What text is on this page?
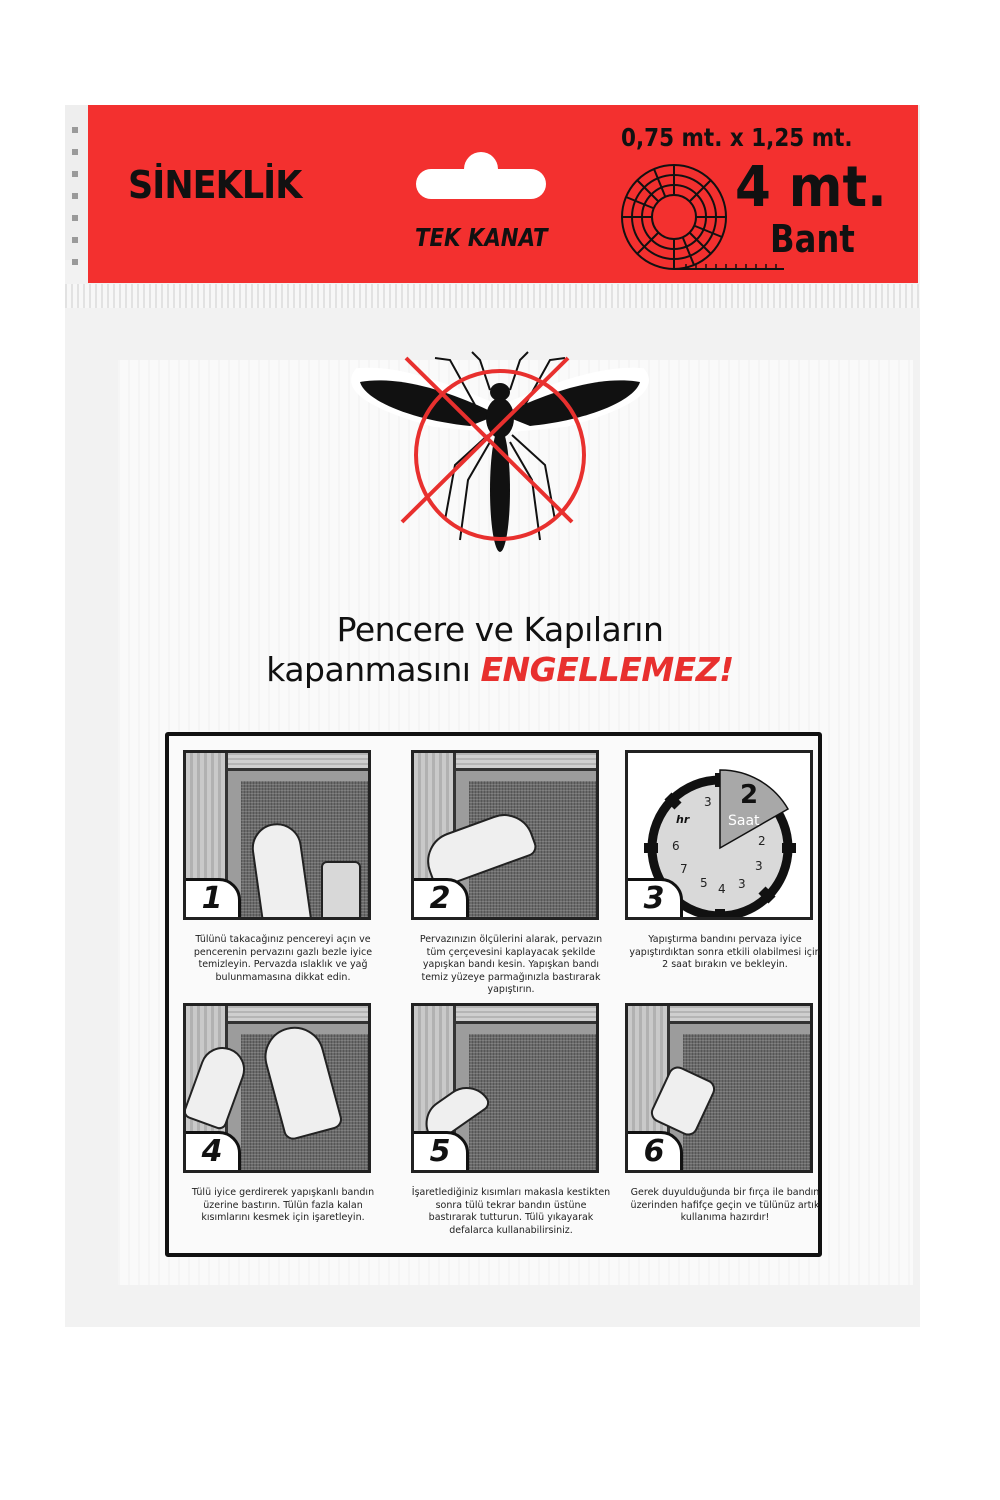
SİNEKLİK
TEK KANAT
0,75 mt. x 1,25 mt.
4 mt.
Bant
Pencere ve Kapıların
kapanmasını ENGELLEMEZ!
1
Tülünü takacağınız pencereyi açın ve pencerenin pervazını gazlı bezle iyice temizleyin. Pervazda ıslaklık ve yağ bulunmamasına dikkat edin.
2
Pervazınızın ölçülerini alarak, pervazın tüm çerçevesini kaplayacak şekilde yapışkan bandı kesin. Yapışkan bandı temiz yüzeye parmağınızla bastırarak yapıştırın.
2
Saat
hr
3
6
7
5 4 3
3
2
3
Yapıştırma bandını pervaza iyice yapıştırdıktan sonra etkili olabilmesi için 2 saat bırakın ve bekleyin.
4
Tülü iyice gerdirerek yapışkanlı bandın üzerine bastırın. Tülün fazla kalan kısımlarını kesmek için işaretleyin.
5
İşaretlediğiniz kısımları makasla kestikten sonra tülü tekrar bandın üstüne bastırarak tutturun. Tülü yıkayarak defalarca kullanabilirsiniz.
6
Gerek duyulduğunda bir fırça ile bandın üzerinden hafifçe geçin ve tülünüz artık kullanıma hazırdır!
